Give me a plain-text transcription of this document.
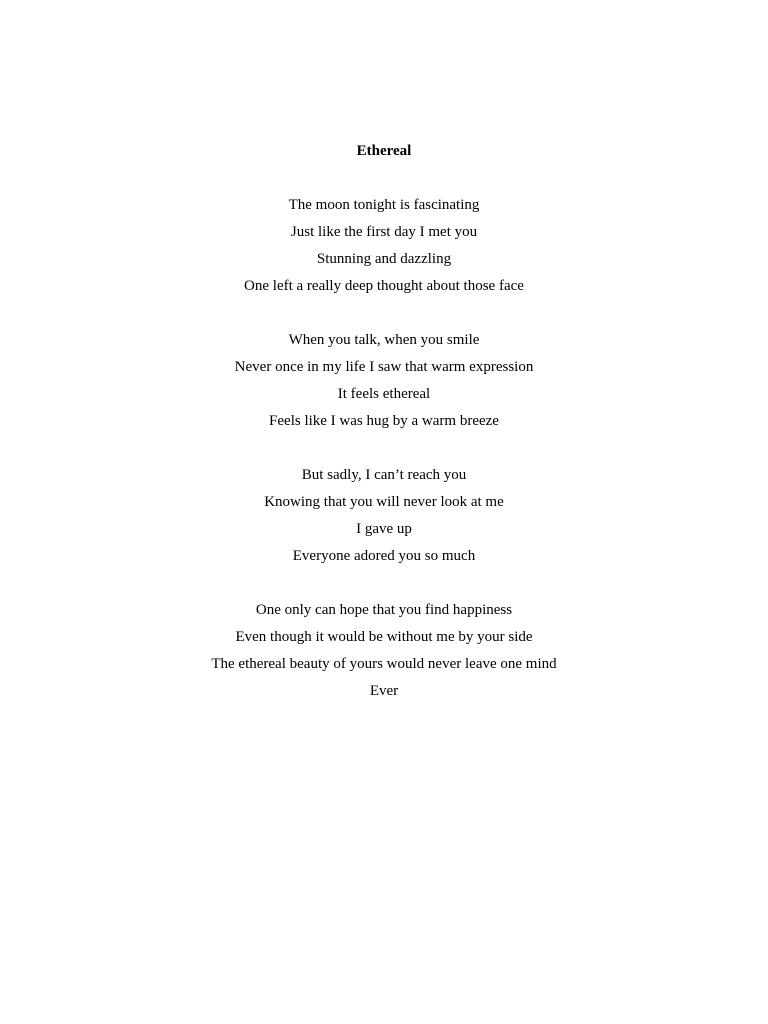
Ethereal
The moon tonight is fascinating
Just like the first day I met you
Stunning and dazzling
One left a really deep thought about those face
When you talk, when you smile
Never once in my life I saw that warm expression
It feels ethereal
Feels like I was hug by a warm breeze
But sadly, I can’t reach you
Knowing that you will never look at me
I gave up
Everyone adored you so much
One only can hope that you find happiness
Even though it would be without me by your side
The ethereal beauty of yours would never leave one mind
Ever
